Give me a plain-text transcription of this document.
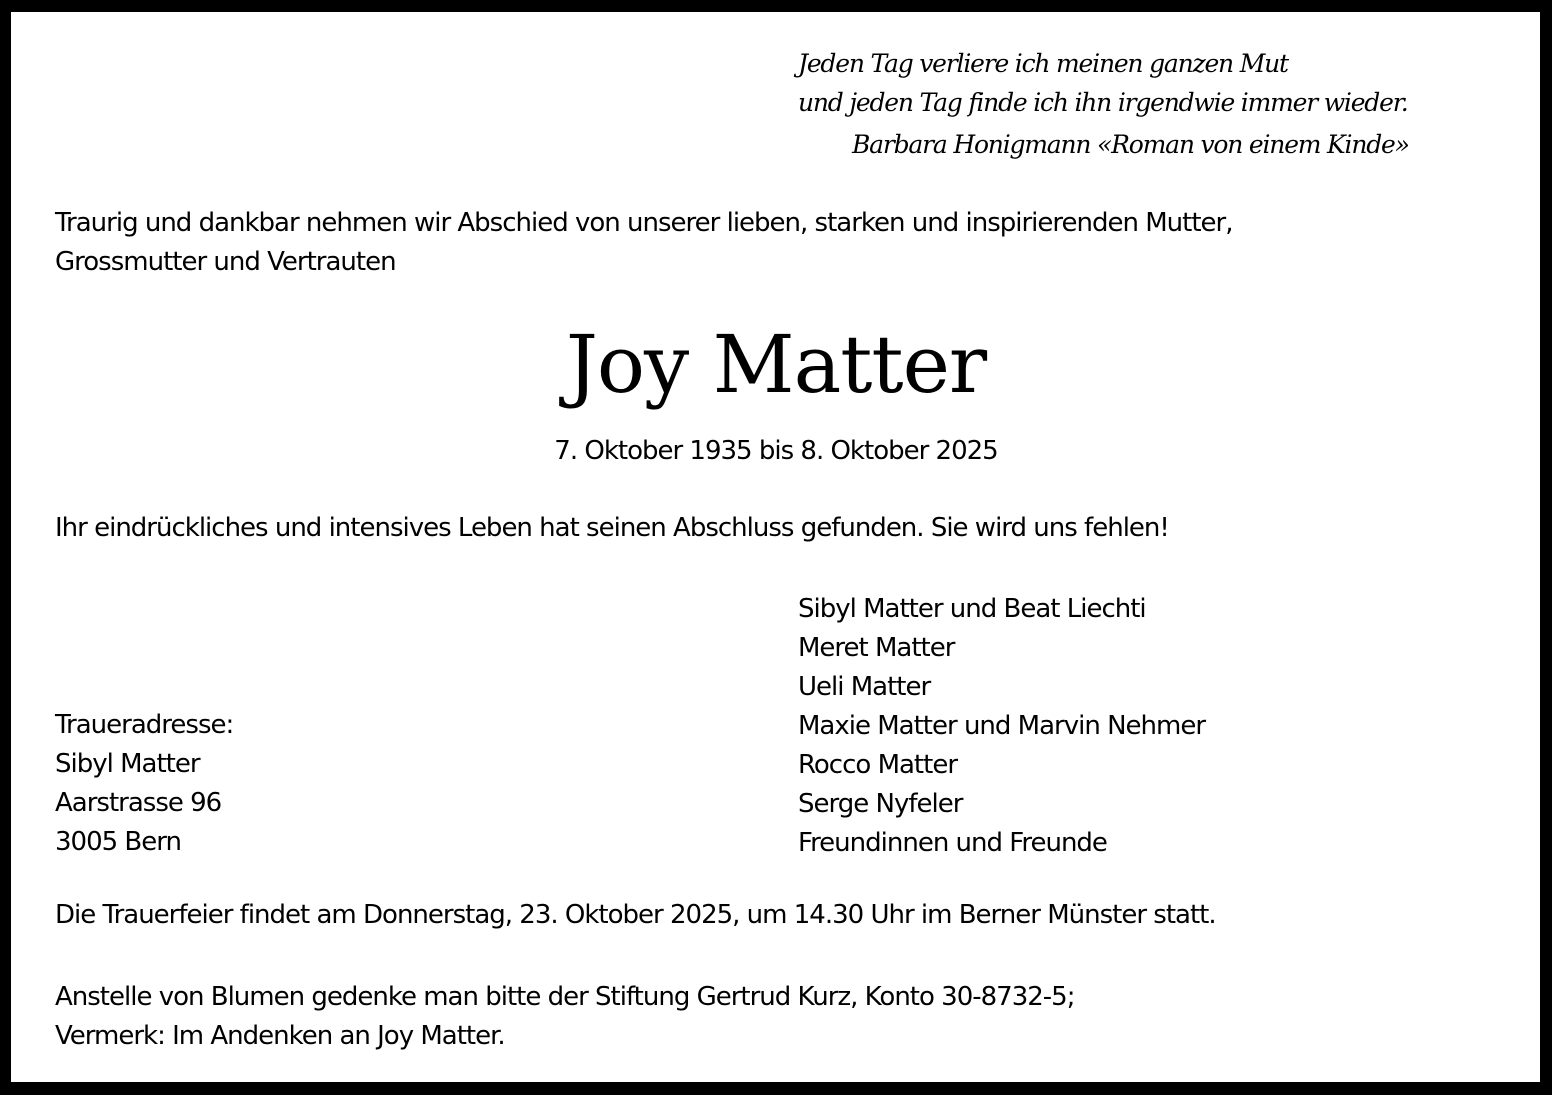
Jeden Tag verliere ich meinen ganzen Mut
und jeden Tag finde ich ihn irgendwie immer wieder.
Barbara Honigmann «Roman von einem Kinde»
Traurig und dankbar nehmen wir Abschied von unserer lieben, starken und inspirierenden Mutter,
Grossmutter und Vertrauten
Joy Matter
7. Oktober 1935 bis 8. Oktober 2025
Ihr eindrückliches und intensives Leben hat seinen Abschluss gefunden. Sie wird uns fehlen!
Sibyl Matter und Beat Liechti
Meret Matter
Ueli Matter
Maxie Matter und Marvin Nehmer
Rocco Matter
Serge Nyfeler
Freundinnen und Freunde
Traueradresse:
Sibyl Matter
Aarstrasse 96
3005 Bern
Die Trauerfeier findet am Donnerstag, 23. Oktober 2025, um 14.30 Uhr im Berner Münster statt.
Anstelle von Blumen gedenke man bitte der Stiftung Gertrud Kurz, Konto 30-8732-5;
Vermerk: Im Andenken an Joy Matter.
